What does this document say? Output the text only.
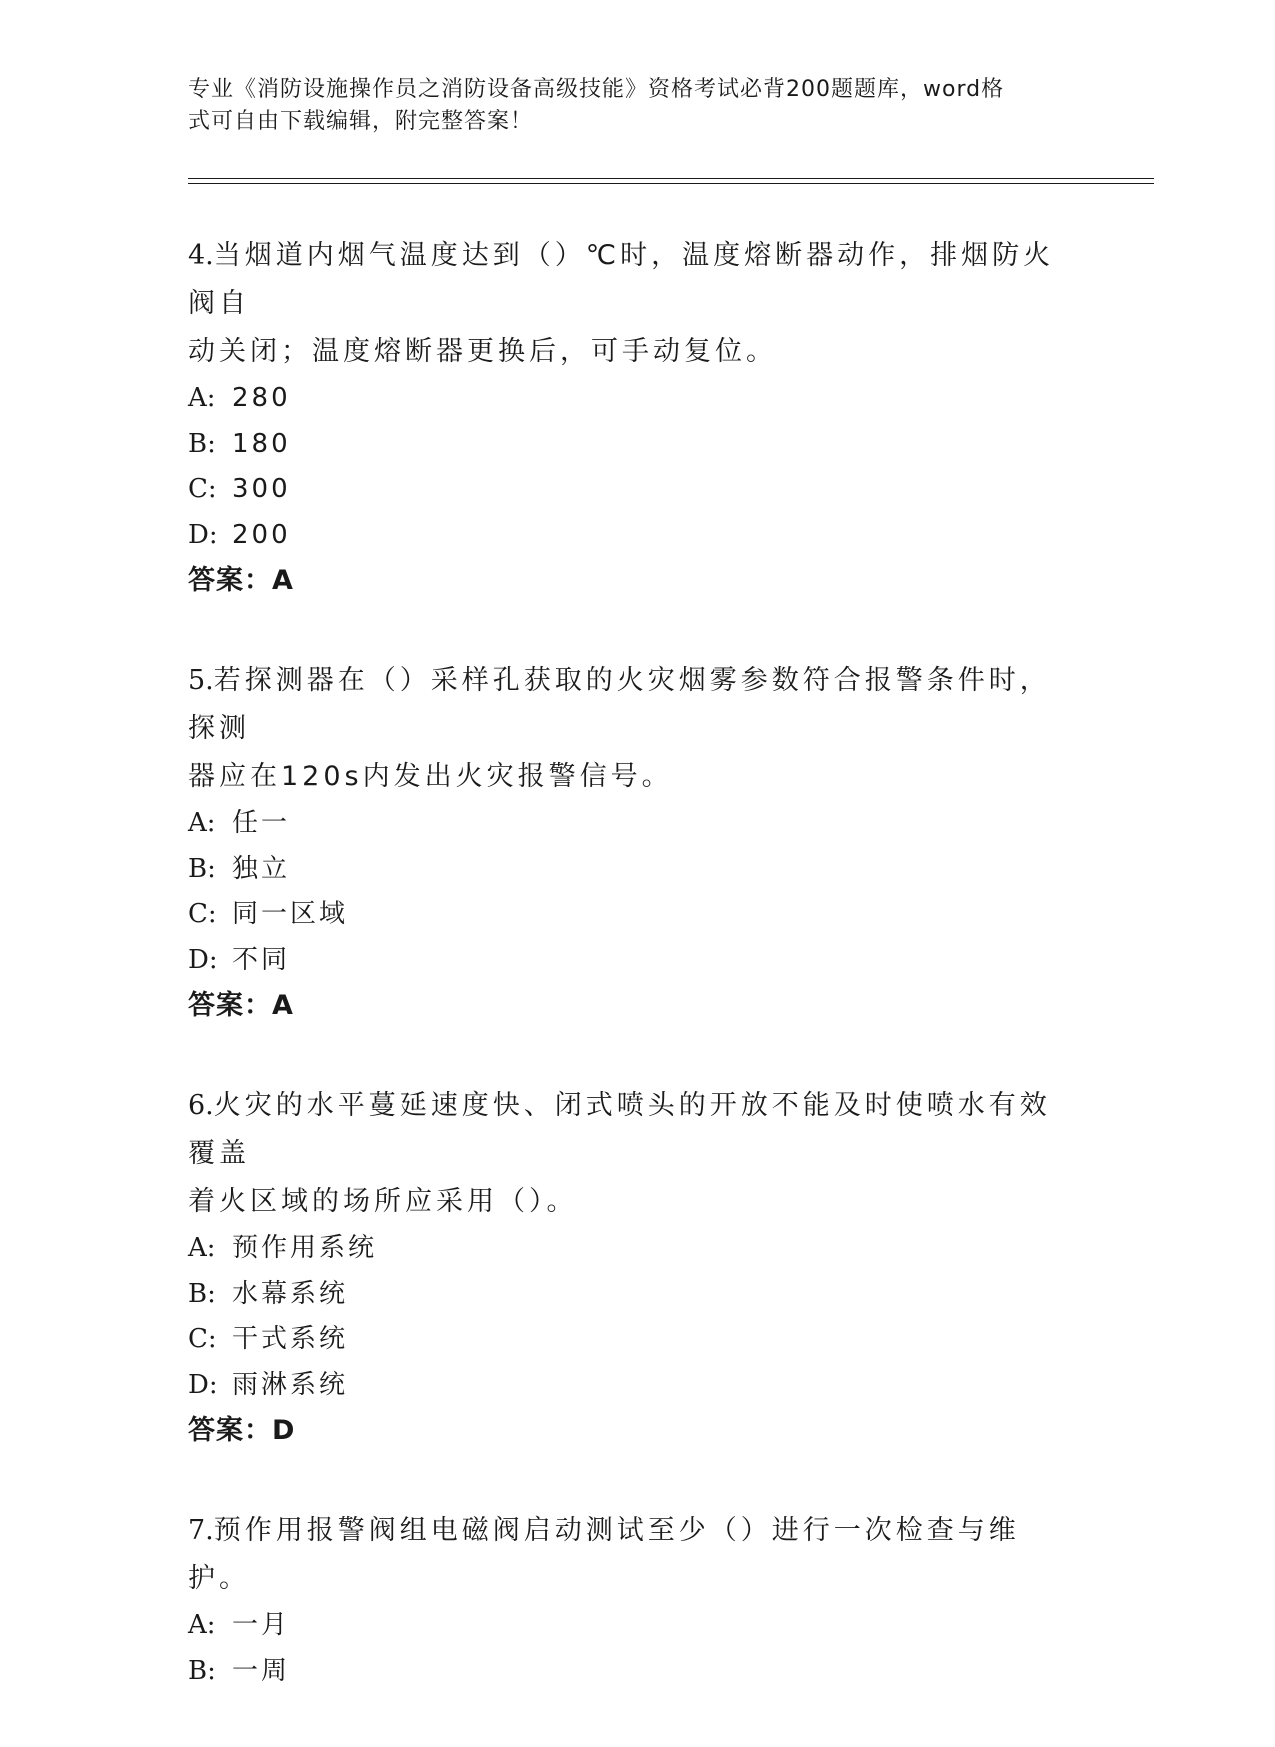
专业《消防设施操作员之消防设备高级技能》资格考试必背200题题库，word格
式可自由下载编辑，附完整答案！

4.当烟道内烟气温度达到（）℃时，温度熔断器动作，排烟防火阀自

动关闭；温度熔断器更换后，可手动复位。

A: 280

B: 180

C: 300

D: 200

答案：A

5.若探测器在（）采样孔获取的火灾烟雾参数符合报警条件时，探测

器应在120s内发出火灾报警信号。

A: 任一

B: 独立

C: 同一区域

D: 不同

答案：A

6.火灾的水平蔓延速度快、闭式喷头的开放不能及时使喷水有效覆盖

着火区域的场所应采用（）。

A: 预作用系统

B: 水幕系统

C: 干式系统

D: 雨淋系统

答案：D

7.预作用报警阀组电磁阀启动测试至少（）进行一次检查与维护。

A: 一月

B: 一周
